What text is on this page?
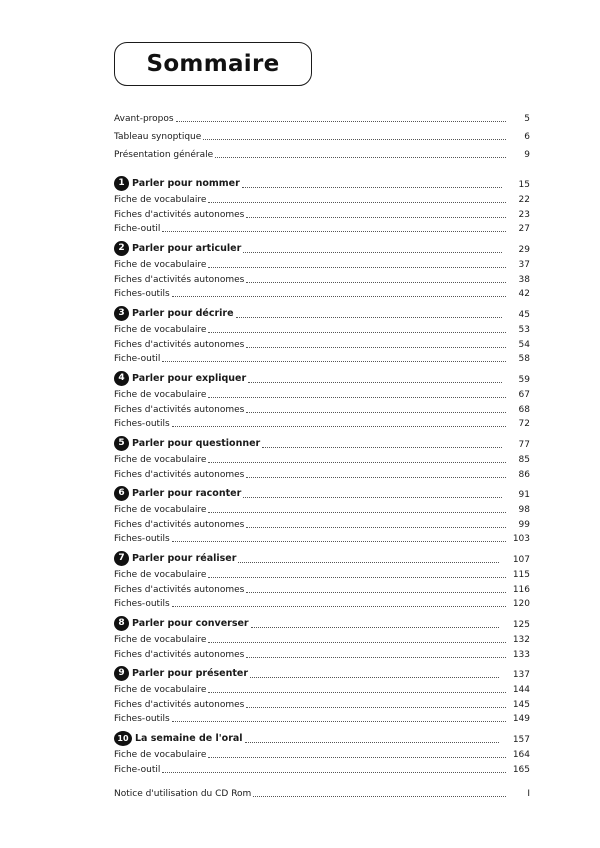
Sommaire
Avant-propos	5
Tableau synoptique	6
Présentation générale	9
1 Parler pour nommer	15
Fiche de vocabulaire	22
Fiches d'activités autonomes	23
Fiche-outil	27
2 Parler pour articuler	29
Fiche de vocabulaire	37
Fiches d'activités autonomes	38
Fiches-outils	42
3 Parler pour décrire	45
Fiche de vocabulaire	53
Fiches d'activités autonomes	54
Fiche-outil	58
4 Parler pour expliquer	59
Fiche de vocabulaire	67
Fiches d'activités autonomes	68
Fiches-outils	72
5 Parler pour questionner	77
Fiche de vocabulaire	85
Fiches d'activités autonomes	86
6 Parler pour raconter	91
Fiche de vocabulaire	98
Fiches d'activités autonomes	99
Fiches-outils	103
7 Parler pour réaliser	107
Fiche de vocabulaire	115
Fiches d'activités autonomes	116
Fiches-outils	120
8 Parler pour converser	125
Fiche de vocabulaire	132
Fiches d'activités autonomes	133
9 Parler pour présenter	137
Fiche de vocabulaire	144
Fiches d'activités autonomes	145
Fiches-outils	149
10 La semaine de l'oral	157
Fiche de vocabulaire	164
Fiche-outil	165
Notice d'utilisation du CD Rom	I
